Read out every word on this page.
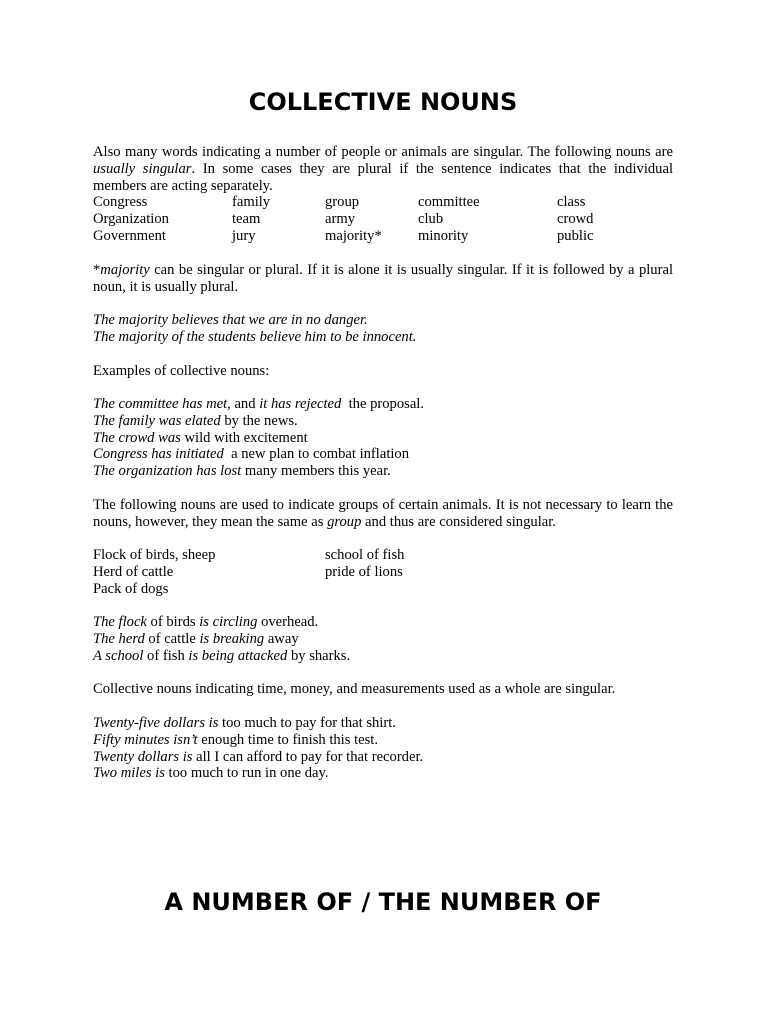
COLLECTIVE NOUNS

Also many words indicating a number of people or animals are singular. The following nouns are usually singular. In some cases they are plural if the sentence indicates that the individual members are acting separately.

Congress	family	group	committee	class
Organization	team	army	club	crowd
Government	jury	majority* minority	public

*majority can be singular or plural. If it is alone it is usually singular. If it is followed by a plural noun, it is usually plural.

The majority believes that we are in no danger.

The majority of the students believe him to be innocent.

Examples of collective nouns:

The committee has met, and it has rejected  the proposal.

The family was elated by the news.

The crowd was wild with excitement

Congress has initiated  a new plan to combat inflation

The organization has lost many members this year.

The following nouns are used to indicate groups of certain animals. It is not necessary to learn the nouns, however, they mean the same as group and thus are considered singular.

Flock of birds, sheep	school of fish
Herd of cattle	pride of lions
Pack of dogs

The flock of birds is circling overhead.

The herd of cattle is breaking away

A school of fish is being attacked by sharks.

Collective nouns indicating time, money, and measurements used as a whole are singular.

Twenty-five dollars is too much to pay for that shirt.

Fifty minutes isn’t enough time to finish this test.

Twenty dollars is all I can afford to pay for that recorder.

Two miles is too much to run in one day.

A NUMBER OF / THE NUMBER OF
